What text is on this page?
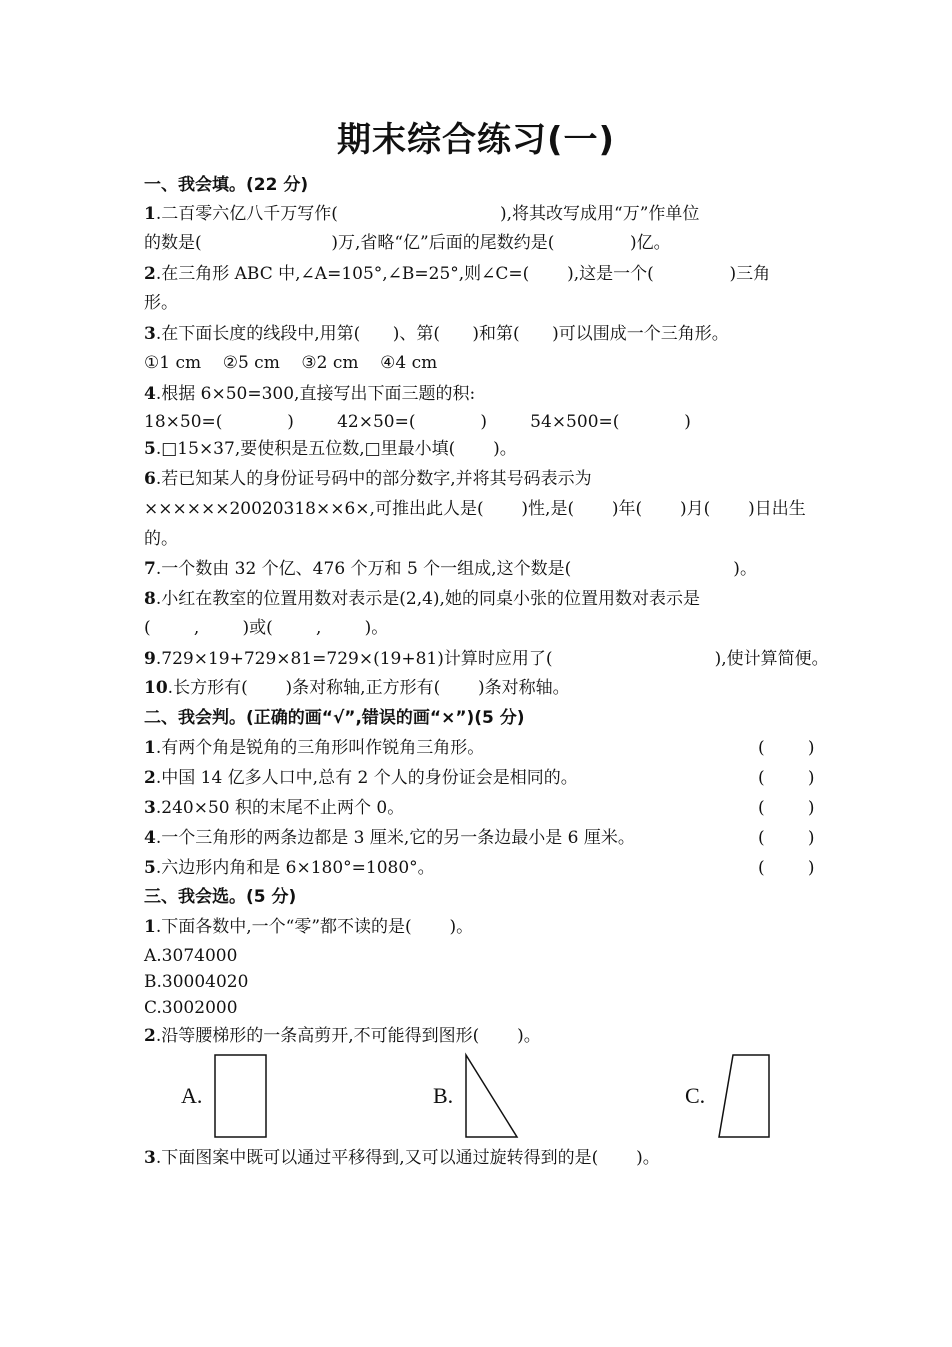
期末综合练习(一)
一、我会填。(22 分)
1.二百零六亿八千万写作(                              ),将其改写成用“万”作单位
的数是(                        )万,省略“亿”后面的尾数约是(              )亿。
2.在三角形 ABC 中,∠A=105°,∠B=25°,则∠C=(       ),这是一个(              )三角
形。
3.在下面长度的线段中,用第(      )、第(      )和第(      )可以围成一个三角形。
①1 cm    ②5 cm    ③2 cm    ④4 cm
4.根据 6×50=300,直接写出下面三题的积:
18×50=(            )        42×50=(            )        54×500=(            )
5.□15×37,要使积是五位数,□里最小填(       )。
6.若已知某人的身份证号码中的部分数字,并将其号码表示为
××××××20020318××6×,可推出此人是(       )性,是(       )年(       )月(       )日出生
的。
7.一个数由 32 个亿、476 个万和 5 个一组成,这个数是(                              )。
8.小红在教室的位置用数对表示是(2,4),她的同桌小张的位置用数对表示是
(        ,        )或(        ,        )。
9.729×19+729×81=729×(19+81)计算时应用了(                              ),使计算简便。
10.长方形有(       )条对称轴,正方形有(       )条对称轴。
二、我会判。(正确的画“√”,错误的画“×”)(5 分)
1.有两个角是锐角的三角形叫作锐角三角形。	(        )
2.中国 14 亿多人口中,总有 2 个人的身份证会是相同的。	(        )
3.240×50 积的末尾不止两个 0。	(        )
4.一个三角形的两条边都是 3 厘米,它的另一条边最小是 6 厘米。	(        )
5.六边形内角和是 6×180°=1080°。	(        )
三、我会选。(5 分)
1.下面各数中,一个“零”都不读的是(       )。
A.3074000
B.30004020
C.3002000
2.沿等腰梯形的一条高剪开,不可能得到图形(       )。
A.	B.	C.
3.下面图案中既可以通过平移得到,又可以通过旋转得到的是(       )。
